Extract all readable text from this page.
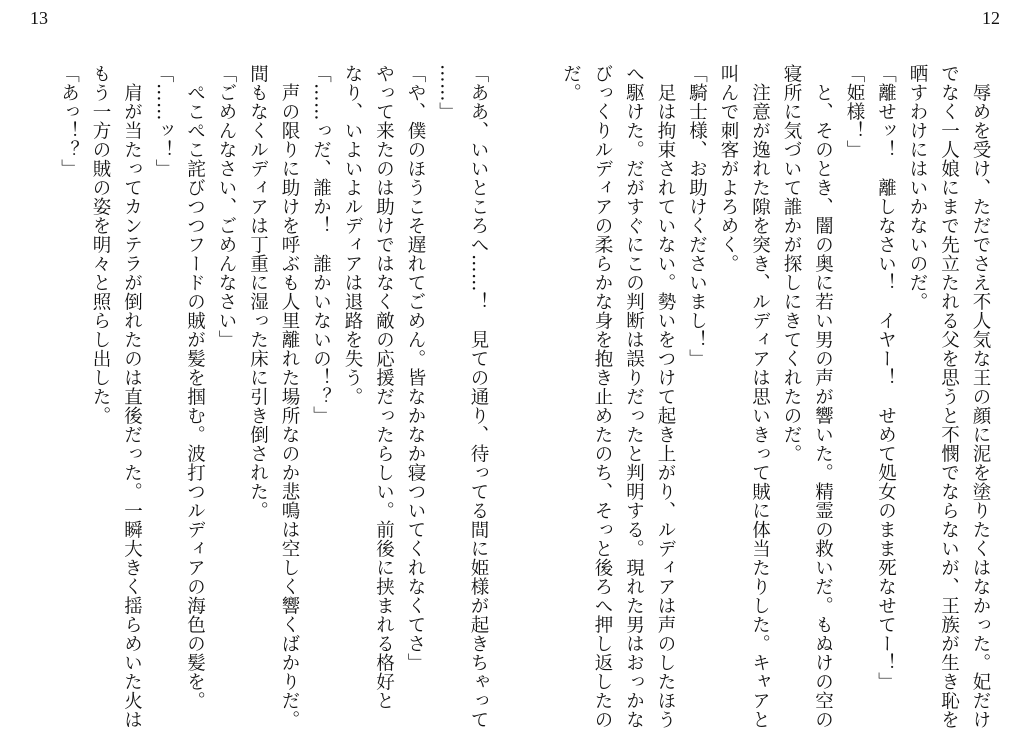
13	12

　辱めを受け、ただでさえ不人気な王の顔に泥を塗りたくはなかった。妃だけ

でなく一人娘にまで先立たれる父を思うと不憫でならないが、王族が生き恥を

晒すわけにはいかないのだ。

「離せッ！　離しなさい！　イヤー！　せめて処女のまま死なせてー！」

「姫様！」

　と、そのとき、闇の奥に若い男の声が響いた。精霊の救いだ。もぬけの空の

寝所に気づいて誰かが探しにきてくれたのだ。

　注意が逸れた隙を突き、ルディアは思いきって賊に体当たりした。キャアと

叫んで刺客がよろめく。

「騎士様、お助けくださいまし！」

　足は拘束されていない。勢いをつけて起き上がり、ルディアは声のしたほう

へ駆けた。だがすぐにこの判断は誤りだったと判明する。現れた男はおっかな

びっくりルディアの柔らかな身を抱き止めたのち、そっと後ろへ押し返したの

だ。

「ああ、いいところへ……！　見ての通り、待ってる間に姫様が起きちゃって

……」

「や、僕のほうこそ遅れてごめん。皆なかなか寝ついてくれなくてさ」

やって来たのは助けではなく敵の応援だったらしい。前後に挟まれる格好と

なり、いよいよルディアは退路を失う。

「……っだ、誰か！　誰かいないの！？」

　声の限りに助けを呼ぶも人里離れた場所なのか悲鳴は空しく響くばかりだ。

間もなくルディアは丁重に湿った床に引き倒された。

「ごめんなさい、ごめんなさい」

　ぺこぺこ詫びつつフードの賊が髪を掴む。波打つルディアの海色の髪を。

「……ッ！」

　肩が当たってカンテラが倒れたのは直後だった。一瞬大きく揺らめいた火は

もう一方の賊の姿を明々と照らし出した。

「あっ！？」
